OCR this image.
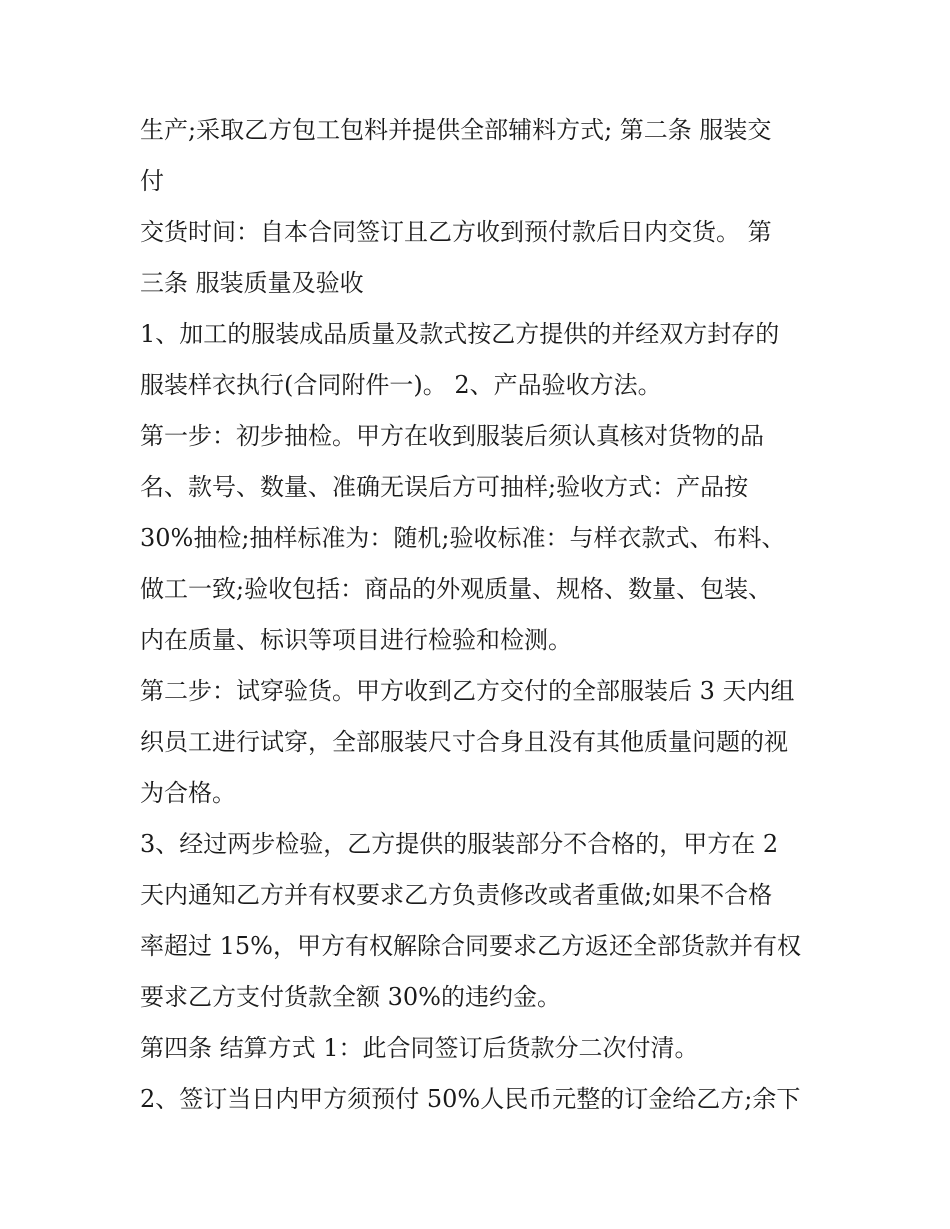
生产;采取乙方包工包料并提供全部辅料方式; 第二条 服装交
付
交货时间：自本合同签订且乙方收到预付款后日内交货。 第
三条 服装质量及验收
1、加工的服装成品质量及款式按乙方提供的并经双方封存的
服装样衣执行(合同附件一)。 2、产品验收方法。
第一步：初步抽检。甲方在收到服装后须认真核对货物的品
名、款号、数量、准确无误后方可抽样;验收方式：产品按
30%抽检;抽样标准为：随机;验收标准：与样衣款式、布料、
做工一致;验收包括：商品的外观质量、规格、数量、包装、
内在质量、标识等项目进行检验和检测。
第二步：试穿验货。甲方收到乙方交付的全部服装后 3 天内组
织员工进行试穿，全部服装尺寸合身且没有其他质量问题的视
为合格。
3、经过两步检验，乙方提供的服装部分不合格的，甲方在 2
天内通知乙方并有权要求乙方负责修改或者重做;如果不合格
率超过 15%，甲方有权解除合同要求乙方返还全部货款并有权
要求乙方支付货款全额 30%的违约金。
第四条 结算方式 1：此合同签订后货款分二次付清。
2、签订当日内甲方须预付 50%人民币元整的订金给乙方;余下
